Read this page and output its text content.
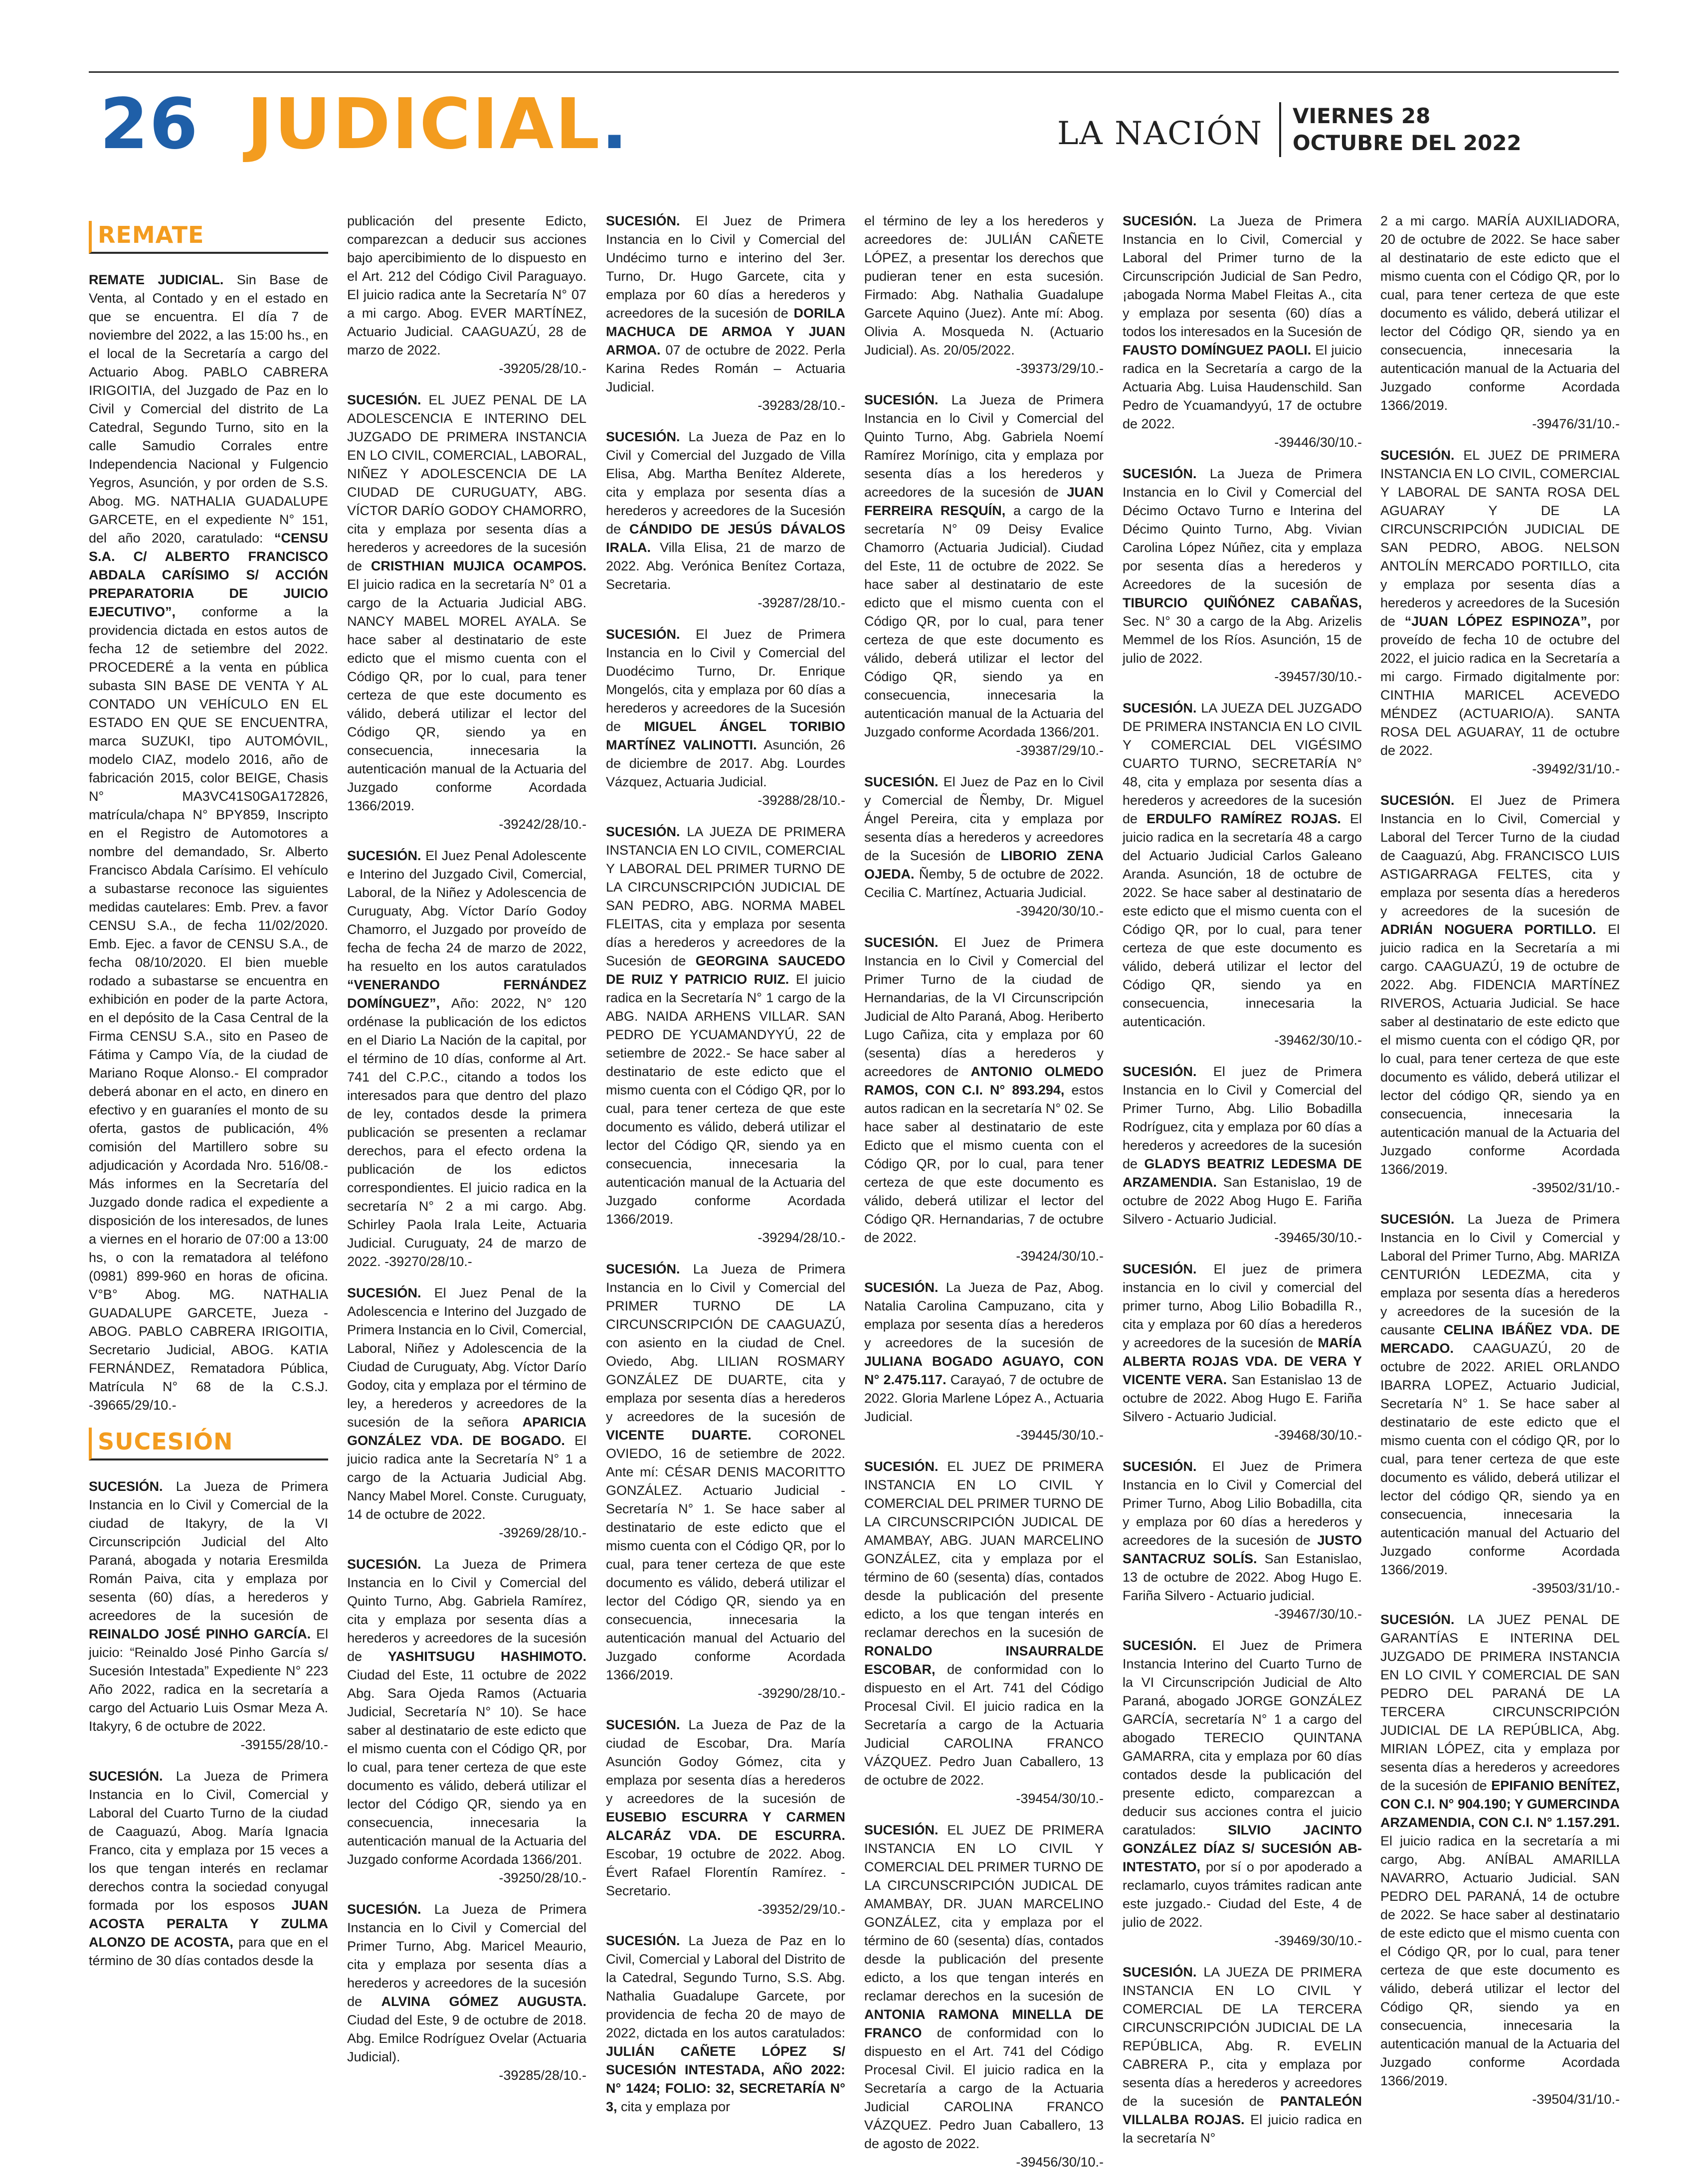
26 JUDICIAL.	LA NACIÓN VIERNES 28
OCTUBRE DEL 2022
REMATE

REMATE JUDICIAL. Sin Base de Venta, al Contado y en el estado en que se encuentra. El día 7 de noviembre del 2022, a las 15:00 hs., en el local de la Secretaría a cargo del Actuario Abog. PABLO CABRERA IRIGOITIA, del Juzgado de Paz en lo Civil y Comercial del distrito de La Catedral, Segundo Turno, sito en la calle Samudio Corrales entre Independencia Nacional y Fulgencio Yegros, Asunción, y por orden de S.S. Abog. MG. NATHALIA GUADALUPE GARCETE, en el expediente N° 151, del año 2020, caratulado: “CENSU S.A. C/ ALBERTO FRANCISCO ABDALA CARÍSIMO S/ ACCIÓN PREPARATORIA DE JUICIO EJECUTIVO”, conforme a la providencia dictada en estos autos de fecha 12 de setiembre del 2022. PROCEDERÉ a la venta en pública subasta SIN BASE DE VENTA Y AL CONTADO UN VEHÍCULO EN EL ESTADO EN QUE SE ENCUENTRA, marca SUZUKI, tipo AUTOMÓVIL, modelo CIAZ, modelo 2016, año de fabricación 2015, color BEIGE, Chasis N° MA3VC41S0GA172826, matrícula/chapa N° BPY859, Inscripto en el Registro de Automotores a nombre del demandado, Sr. Alberto Francisco Abdala Carísimo. El vehículo a subastarse reconoce las siguientes medidas cautelares: Emb. Prev. a favor CENSU S.A., de fecha 11/02/2020. Emb. Ejec. a favor de CENSU S.A., de fecha 08/10/2020. El bien mueble rodado a subastarse se encuentra en exhibición en poder de la parte Actora, en el depósito de la Casa Central de la Firma CENSU S.A., sito en Paseo de Fátima y Campo Vía, de la ciudad de Mariano Roque Alonso.- El comprador deberá abonar en el acto, en dinero en efectivo y en guaraníes el monto de su oferta, gastos de publicación, 4% comisión del Martillero sobre su adjudicación y Acordada Nro. 516/08.- Más informes en la Secretaría del Juzgado donde radica el expediente a disposición de los interesados, de lunes a viernes en el horario de 07:00 a 13:00 hs, o con la rematadora al teléfono (0981) 899-960 en horas de oficina. V°B° Abog. MG. NATHALIA GUADALUPE GARCETE, Jueza - ABOG. PABLO CABRERA IRIGOITIA, Secretario Judicial, ABOG. KATIA FERNÁNDEZ, Rematadora Pública, Matrícula N° 68 de la C.S.J. -39665/29/10.-

SUCESIÓN

SUCESIÓN. La Jueza de Primera Instancia en lo Civil y Comercial de la ciudad de Itakyry, de la VI Circunscripción Judicial del Alto Paraná, abogada y notaria Eresmilda Román Paiva, cita y emplaza por sesenta (60) días, a herederos y acreedores de la sucesión de REINALDO JOSÉ PINHO GARCÍA. El juicio: “Reinaldo José Pinho García s/ Sucesión Intestada” Expediente N° 223 Año 2022, radica en la secretaría a cargo del Actuario Luis Osmar Meza A. Itakyry, 6 de octubre de 2022.
-39155/28/10.-

SUCESIÓN. La Jueza de Primera Instancia en lo Civil, Comercial y Laboral del Cuarto Turno de la ciudad de Caaguazú, Abog. María Ignacia Franco, cita y emplaza por 15 veces a los que tengan interés en reclamar derechos contra la sociedad conyugal formada por los esposos JUAN ACOSTA PERALTA Y ZULMA ALONZO DE ACOSTA, para que en el término de 30 días contados desde la

publicación del presente Edicto, comparezcan a deducir sus acciones bajo apercibimiento de lo dispuesto en el Art. 212 del Código Civil Paraguayo. El juicio radica ante la Secretaría N° 07 a mi cargo. Abog. EVER MARTÍNEZ, Actuario Judicial. CAAGUAZÚ, 28 de marzo de 2022.
-39205/28/10.-

SUCESIÓN. EL JUEZ PENAL DE LA ADOLESCENCIA E INTERINO DEL JUZGADO DE PRIMERA INSTANCIA EN LO CIVIL, COMERCIAL, LABORAL, NIÑEZ Y ADOLESCENCIA DE LA CIUDAD DE CURUGUATY, ABG. VÍCTOR DARÍO GODOY CHAMORRO, cita y emplaza por sesenta días a herederos y acreedores de la sucesión de CRISTHIAN MUJICA OCAMPOS. El juicio radica en la secretaría N° 01 a cargo de la Actuaria Judicial ABG. NANCY MABEL MOREL AYALA. Se hace saber al destinatario de este edicto que el mismo cuenta con el Código QR, por lo cual, para tener certeza de que este documento es válido, deberá utilizar el lector del Código QR, siendo ya en consecuencia, innecesaria la autenticación manual de la Actuaria del Juzgado conforme Acordada 1366/2019.
-39242/28/10.-

SUCESIÓN. El Juez Penal Adolescente e Interino del Juzgado Civil, Comercial, Laboral, de la Niñez y Adolescencia de Curuguaty, Abg. Víctor Darío Godoy Chamorro, el Juzgado por proveído de fecha de fecha 24 de marzo de 2022, ha resuelto en los autos caratulados “VENERANDO FERNÁNDEZ DOMÍNGUEZ”, Año: 2022, N° 120 ordénase la publicación de los edictos en el Diario La Nación de la capital, por el término de 10 días, conforme al Art. 741 del C.P.C., citando a todos los interesados para que dentro del plazo de ley, contados desde la primera publicación se presenten a reclamar derechos, para el efecto ordena la publicación de los edictos correspondientes. El juicio radica en la secretaría N° 2 a mi cargo. Abg. Schirley Paola Irala Leite, Actuaria Judicial. Curuguaty, 24 de marzo de 2022. -39270/28/10.-

SUCESIÓN. El Juez Penal de la Adolescencia e Interino del Juzgado de Primera Instancia en lo Civil, Comercial, Laboral, Niñez y Adolescencia de la Ciudad de Curuguaty, Abg. Víctor Darío Godoy, cita y emplaza por el término de ley, a herederos y acreedores de la sucesión de la señora APARICIA GONZÁLEZ VDA. DE BOGADO. El juicio radica ante la Secretaría N° 1 a cargo de la Actuaria Judicial Abg. Nancy Mabel Morel. Conste. Curuguaty, 14 de octubre de 2022.
-39269/28/10.-

SUCESIÓN. La Jueza de Primera Instancia en lo Civil y Comercial del Quinto Turno, Abg. Gabriela Ramírez, cita y emplaza por sesenta días a herederos y acreedores de la sucesión de YASHITSUGU HASHIMOTO. Ciudad del Este, 11 octubre de 2022 Abg. Sara Ojeda Ramos (Actuaria Judicial, Secretaría N° 10). Se hace saber al destinatario de este edicto que el mismo cuenta con el Código QR, por lo cual, para tener certeza de que este documento es válido, deberá utilizar el lector del Código QR, siendo ya en consecuencia, innecesaria la autenticación manual de la Actuaria del Juzgado conforme Acordada 1366/201.
-39250/28/10.-

SUCESIÓN. La Jueza de Primera Instancia en lo Civil y Comercial del Primer Turno, Abg. Maricel Meaurio, cita y emplaza por sesenta días a herederos y acreedores de la sucesión de ALVINA GÓMEZ AUGUSTA. Ciudad del Este, 9 de octubre de 2018. Abg. Emilce Rodríguez Ovelar (Actuaria Judicial).
-39285/28/10.-

SUCESIÓN. El Juez de Primera Instancia en lo Civil y Comercial del Undécimo turno e interino del 3er. Turno, Dr. Hugo Garcete, cita y emplaza por 60 días a herederos y acreedores de la sucesión de DORILA MACHUCA DE ARMOA Y JUAN ARMOA. 07 de octubre de 2022. Perla Karina Redes Román – Actuaria Judicial.
-39283/28/10.-

SUCESIÓN. La Jueza de Paz en lo Civil y Comercial del Juzgado de Villa Elisa, Abg. Martha Benítez Alderete, cita y emplaza por sesenta días a herederos y acreedores de la Sucesión de CÁNDIDO DE JESÚS DÁVALOS IRALA. Villa Elisa, 21 de marzo de 2022. Abg. Verónica Benítez Cortaza, Secretaria.
-39287/28/10.-

SUCESIÓN. El Juez de Primera Instancia en lo Civil y Comercial del Duodécimo Turno, Dr. Enrique Mongelós, cita y emplaza por 60 días a herederos y acreedores de la Sucesión de MIGUEL ÁNGEL TORIBIO MARTÍNEZ VALINOTTI. Asunción, 26 de diciembre de 2017. Abg. Lourdes Vázquez, Actuaria Judicial.
-39288/28/10.-

SUCESIÓN. LA JUEZA DE PRIMERA INSTANCIA EN LO CIVIL, COMERCIAL Y LABORAL DEL PRIMER TURNO DE LA CIRCUNSCRIPCIÓN JUDICIAL DE SAN PEDRO, ABG. NORMA MABEL FLEITAS, cita y emplaza por sesenta días a herederos y acreedores de la Sucesión de GEORGINA SAUCEDO DE RUIZ Y PATRICIO RUIZ. El juicio radica en la Secretaría N° 1 cargo de la ABG. NAIDA ARHENS VILLAR. SAN PEDRO DE YCUAMANDYYÚ, 22 de setiembre de 2022.- Se hace saber al destinatario de este edicto que el mismo cuenta con el Código QR, por lo cual, para tener certeza de que este documento es válido, deberá utilizar el lector del Código QR, siendo ya en consecuencia, innecesaria la autenticación manual de la Actuaria del Juzgado conforme Acordada 1366/2019.
-39294/28/10.-

SUCESIÓN. La Jueza de Primera Instancia en lo Civil y Comercial del PRIMER TURNO DE LA CIRCUNSCRIPCIÓN DE CAAGUAZÚ, con asiento en la ciudad de Cnel. Oviedo, Abg. LILIAN ROSMARY GONZÁLEZ DE DUARTE, cita y emplaza por sesenta días a herederos y acreedores de la sucesión de VICENTE DUARTE. CORONEL OVIEDO, 16 de setiembre de 2022. Ante mí: CÉSAR DENIS MACORITTO GONZÁLEZ. Actuario Judicial - Secretaría N° 1. Se hace saber al destinatario de este edicto que el mismo cuenta con el Código QR, por lo cual, para tener certeza de que este documento es válido, deberá utilizar el lector del Código QR, siendo ya en consecuencia, innecesaria la autenticación manual del Actuario del Juzgado conforme Acordada 1366/2019.
-39290/28/10.-

SUCESIÓN. La Jueza de Paz de la ciudad de Escobar, Dra. María Asunción Godoy Gómez, cita y emplaza por sesenta días a herederos y acreedores de la sucesión de EUSEBIO ESCURRA Y CARMEN ALCARÁZ VDA. DE ESCURRA. Escobar, 19 octubre de 2022. Abog. Évert Rafael Florentín Ramírez. - Secretario.
-39352/29/10.-

SUCESIÓN. La Jueza de Paz en lo Civil, Comercial y Laboral del Distrito de la Catedral, Segundo Turno, S.S. Abg. Nathalia Guadalupe Garcete, por providencia de fecha 20 de mayo de 2022, dictada en los autos caratulados: JULIÁN CAÑETE LÓPEZ S/ SUCESIÓN INTESTADA, AÑO 2022: N° 1424; FOLIO: 32, SECRETARÍA N° 3, cita y emplaza por

el término de ley a los herederos y acreedores de: JULIÁN CAÑETE LÓPEZ, a presentar los derechos que pudieran tener en esta sucesión. Firmado: Abg. Nathalia Guadalupe Garcete Aquino (Juez). Ante mí: Abog. Olivia A. Mosqueda N. (Actuario Judicial). As. 20/05/2022.
-39373/29/10.-

SUCESIÓN. La Jueza de Primera Instancia en lo Civil y Comercial del Quinto Turno, Abg. Gabriela Noemí Ramírez Morínigo, cita y emplaza por sesenta días a los herederos y acreedores de la sucesión de JUAN FERREIRA RESQUÍN, a cargo de la secretaría N° 09 Deisy Evalice Chamorro (Actuaria Judicial). Ciudad del Este, 11 de octubre de 2022. Se hace saber al destinatario de este edicto que el mismo cuenta con el Código QR, por lo cual, para tener certeza de que este documento es válido, deberá utilizar el lector del Código QR, siendo ya en consecuencia, innecesaria la autenticación manual de la Actuaria del Juzgado conforme Acordada 1366/201.
-39387/29/10.-

SUCESIÓN. El Juez de Paz en lo Civil y Comercial de Ñemby, Dr. Miguel Ángel Pereira, cita y emplaza por sesenta días a herederos y acreedores de la Sucesión de LIBORIO ZENA OJEDA. Ñemby, 5 de octubre de 2022. Cecilia C. Martínez, Actuaria Judicial.
-39420/30/10.-

SUCESIÓN. El Juez de Primera Instancia en lo Civil y Comercial del Primer Turno de la ciudad de Hernandarias, de la VI Circunscripción Judicial de Alto Paraná, Abog. Heriberto Lugo Cañiza, cita y emplaza por 60 (sesenta) días a herederos y acreedores de ANTONIO OLMEDO RAMOS, CON C.I. N° 893.294, estos autos radican en la secretaría N° 02. Se hace saber al destinatario de este Edicto que el mismo cuenta con el Código QR, por lo cual, para tener certeza de que este documento es válido, deberá utilizar el lector del Código QR. Hernandarias, 7 de octubre de 2022.
-39424/30/10.-

SUCESIÓN. La Jueza de Paz, Abog. Natalia Carolina Campuzano, cita y emplaza por sesenta días a herederos y acreedores de la sucesión de JULIANA BOGADO AGUAYO, CON N° 2.475.117. Carayaó, 7 de octubre de 2022. Gloria Marlene López A., Actuaria Judicial.
-39445/30/10.-

SUCESIÓN. EL JUEZ DE PRIMERA INSTANCIA EN LO CIVIL Y COMERCIAL DEL PRIMER TURNO DE LA CIRCUNSCRIPCIÓN JUDICAL DE AMAMBAY, ABG. JUAN MARCELINO GONZÁLEZ, cita y emplaza por el término de 60 (sesenta) días, contados desde la publicación del presente edicto, a los que tengan interés en reclamar derechos en la sucesión de RONALDO INSAURRALDE ESCOBAR, de conformidad con lo dispuesto en el Art. 741 del Código Procesal Civil. El juicio radica en la Secretaría a cargo de la Actuaria Judicial CAROLINA FRANCO VÁZQUEZ. Pedro Juan Caballero, 13 de octubre de 2022.
-39454/30/10.-

SUCESIÓN. EL JUEZ DE PRIMERA INSTANCIA EN LO CIVIL Y COMERCIAL DEL PRIMER TURNO DE LA CIRCUNSCRIPCIÓN JUDICAL DE AMAMBAY, DR. JUAN MARCELINO GONZÁLEZ, cita y emplaza por el término de 60 (sesenta) días, contados desde la publicación del presente edicto, a los que tengan interés en reclamar derechos en la sucesión de ANTONIA RAMONA MINELLA DE FRANCO de conformidad con lo dispuesto en el Art. 741 del Código Procesal Civil. El juicio radica en la Secretaría a cargo de la Actuaria Judicial CAROLINA FRANCO VÁZQUEZ. Pedro Juan Caballero, 13 de agosto de 2022.
-39456/30/10.-

SUCESIÓN. La Jueza de Primera Instancia en lo Civil, Comercial y Laboral del Primer turno de la Circunscripción Judicial de San Pedro, ¡abogada Norma Mabel Fleitas A., cita y emplaza por sesenta (60) días a todos los interesados en la Sucesión de FAUSTO DOMÍNGUEZ PAOLI. El juicio radica en la Secretaría a cargo de la Actuaria Abg. Luisa Haudenschild. San Pedro de Ycuamandyyú, 17 de octubre de 2022.
-39446/30/10.-

SUCESIÓN. La Jueza de Primera Instancia en lo Civil y Comercial del Décimo Octavo Turno e Interina del Décimo Quinto Turno, Abg. Vivian Carolina López Núñez, cita y emplaza por sesenta días a herederos y Acreedores de la sucesión de TIBURCIO QUIÑÓNEZ CABAÑAS, Sec. N° 30 a cargo de la Abg. Arizelis Memmel de los Ríos. Asunción, 15 de julio de 2022.
-39457/30/10.-

SUCESIÓN. LA JUEZA DEL JUZGADO DE PRIMERA INSTANCIA EN LO CIVIL Y COMERCIAL DEL VIGÉSIMO CUARTO TURNO, SECRETARÍA N° 48, cita y emplaza por sesenta días a herederos y acreedores de la sucesión de ERDULFO RAMÍREZ ROJAS. El juicio radica en la secretaría 48 a cargo del Actuario Judicial Carlos Galeano Aranda. Asunción, 18 de octubre de 2022. Se hace saber al destinatario de este edicto que el mismo cuenta con el Código QR, por lo cual, para tener certeza de que este documento es válido, deberá utilizar el lector del Código QR, siendo ya en consecuencia, innecesaria la autenticación.
-39462/30/10.-

SUCESIÓN. El juez de Primera Instancia en lo Civil y Comercial del Primer Turno, Abg. Lilio Bobadilla Rodríguez, cita y emplaza por 60 días a herederos y acreedores de la sucesión de GLADYS BEATRIZ LEDESMA DE ARZAMENDIA. San Estanislao, 19 de octubre de 2022 Abog Hugo E. Fariña Silvero - Actuario Judicial.
-39465/30/10.-

SUCESIÓN. El juez de primera instancia en lo civil y comercial del primer turno, Abog Lilio Bobadilla R., cita y emplaza por 60 días a herederos y acreedores de la sucesión de MARÍA ALBERTA ROJAS VDA. DE VERA Y VICENTE VERA. San Estanislao 13 de octubre de 2022. Abog Hugo E. Fariña Silvero - Actuario Judicial.
-39468/30/10.-

SUCESIÓN. El Juez de Primera Instancia en lo Civil y Comercial del Primer Turno, Abog Lilio Bobadilla, cita y emplaza por 60 días a herederos y acreedores de la sucesión de JUSTO SANTACRUZ SOLÍS. San Estanislao, 13 de octubre de 2022. Abog Hugo E. Fariña Silvero - Actuario judicial.
-39467/30/10.-

SUCESIÓN. El Juez de Primera Instancia Interino del Cuarto Turno de la VI Circunscripción Judicial de Alto Paraná, abogado JORGE GONZÁLEZ GARCÍA, secretaría N° 1 a cargo del abogado TERECIO QUINTANA GAMARRA, cita y emplaza por 60 días contados desde la publicación del presente edicto, comparezcan a deducir sus acciones contra el juicio caratulados: SILVIO JACINTO GONZÁLEZ DÍAZ S/ SUCESIÓN AB-INTESTATO, por sí o por apoderado a reclamarlo, cuyos trámites radican ante este juzgado.- Ciudad del Este, 4 de julio de 2022.
-39469/30/10.-

SUCESIÓN. LA JUEZA DE PRIMERA INSTANCIA EN LO CIVIL Y COMERCIAL DE LA TERCERA CIRCUNSCRIPCIÓN JUDICIAL DE LA REPÚBLICA, Abg. R. EVELIN CABRERA P., cita y emplaza por sesenta días a herederos y acreedores de la sucesión de PANTALEÓN VILLALBA ROJAS. El juicio radica en la secretaría N°

2 a mi cargo. MARÍA AUXILIADORA, 20 de octubre de 2022. Se hace saber al destinatario de este edicto que el mismo cuenta con el Código QR, por lo cual, para tener certeza de que este documento es válido, deberá utilizar el lector del Código QR, siendo ya en consecuencia, innecesaria la autenticación manual de la Actuaria del Juzgado conforme Acordada 1366/2019.
-39476/31/10.-

SUCESIÓN. EL JUEZ DE PRIMERA INSTANCIA EN LO CIVIL, COMERCIAL Y LABORAL DE SANTA ROSA DEL AGUARAY Y DE LA CIRCUNSCRIPCIÓN JUDICIAL DE SAN PEDRO, ABOG. NELSON ANTOLÍN MERCADO PORTILLO, cita y emplaza por sesenta días a herederos y acreedores de la Sucesión de “JUAN LÓPEZ ESPINOZA”, por proveído de fecha 10 de octubre del 2022, el juicio radica en la Secretaría a mi cargo. Firmado digitalmente por: CINTHIA MARICEL ACEVEDO MÉNDEZ (ACTUARIO/A). SANTA ROSA DEL AGUARAY, 11 de octubre de 2022.
-39492/31/10.-

SUCESIÓN. El Juez de Primera Instancia en lo Civil, Comercial y Laboral del Tercer Turno de la ciudad de Caaguazú, Abg. FRANCISCO LUIS ASTIGARRAGA FELTES, cita y emplaza por sesenta días a herederos y acreedores de la sucesión de ADRIÁN NOGUERA PORTILLO. El juicio radica en la Secretaría a mi cargo. CAAGUAZÚ, 19 de octubre de 2022. Abg. FIDENCIA MARTÍNEZ RIVEROS, Actuaria Judicial. Se hace saber al destinatario de este edicto que el mismo cuenta con el código QR, por lo cual, para tener certeza de que este documento es válido, deberá utilizar el lector del código QR, siendo ya en consecuencia, innecesaria la autenticación manual de la Actuaria del Juzgado conforme Acordada 1366/2019.
-39502/31/10.-

SUCESIÓN. La Jueza de Primera Instancia en lo Civil y Comercial y Laboral del Primer Turno, Abg. MARIZA CENTURIÓN LEDEZMA, cita y emplaza por sesenta días a herederos y acreedores de la sucesión de la causante CELINA IBÁÑEZ VDA. DE MERCADO. CAAGUAZÚ, 20 de octubre de 2022. ARIEL ORLANDO IBARRA LOPEZ, Actuario Judicial, Secretaría N° 1. Se hace saber al destinatario de este edicto que el mismo cuenta con el código QR, por lo cual, para tener certeza de que este documento es válido, deberá utilizar el lector del código QR, siendo ya en consecuencia, innecesaria la autenticación manual del Actuario del Juzgado conforme Acordada 1366/2019.
-39503/31/10.-

SUCESIÓN. LA JUEZ PENAL DE GARANTÍAS E INTERINA DEL JUZGADO DE PRIMERA INSTANCIA EN LO CIVIL Y COMERCIAL DE SAN PEDRO DEL PARANÁ DE LA TERCERA CIRCUNSCRIPCIÓN JUDICIAL DE LA REPÚBLICA, Abg. MIRIAN LÓPEZ, cita y emplaza por sesenta días a herederos y acreedores de la sucesión de EPIFANIO BENÍTEZ, CON C.I. N° 904.190; Y GUMERCINDA ARZAMENDIA, CON C.I. N° 1.157.291. El juicio radica en la secretaría a mi cargo, Abg. ANÍBAL AMARILLA NAVARRO, Actuario Judicial. SAN PEDRO DEL PARANÁ, 14 de octubre de 2022. Se hace saber al destinatario de este edicto que el mismo cuenta con el Código QR, por lo cual, para tener certeza de que este documento es válido, deberá utilizar el lector del Código QR, siendo ya en consecuencia, innecesaria la autenticación manual de la Actuaria del Juzgado conforme Acordada 1366/2019.
-39504/31/10.-
